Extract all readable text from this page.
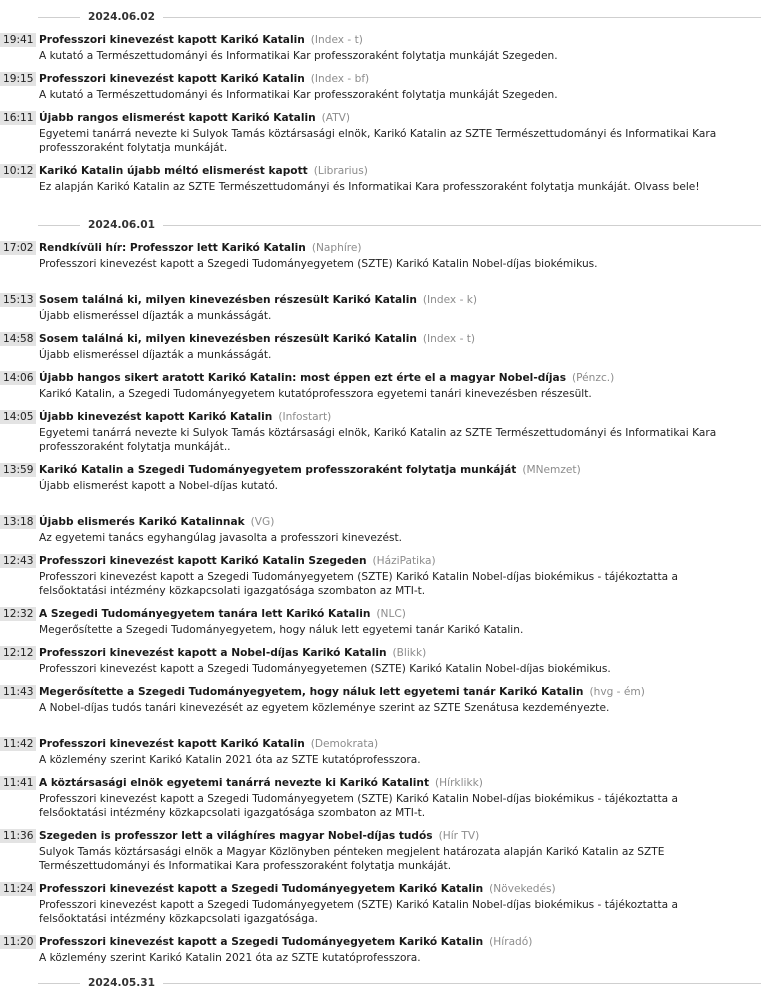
2024.06.02
19:41 Professzori kinevezést kapott Karikó Katalin (Index - t)
A kutató a Természettudományi és Informatikai Kar professzoraként folytatja munkáját Szegeden.
19:15 Professzori kinevezést kapott Karikó Katalin (Index - bf)
A kutató a Természettudományi és Informatikai Kar professzoraként folytatja munkáját Szegeden.
16:11 Újabb rangos elismerést kapott Karikó Katalin (ATV)
Egyetemi tanárrá nevezte ki Sulyok Tamás köztársasági elnök, Karikó Katalin az SZTE Természettudományi és Informatikai Kara professzoraként folytatja munkáját.
10:12 Karikó Katalin újabb méltó elismerést kapott (Librarius)
Ez alapján Karikó Katalin az SZTE Természettudományi és Informatikai Kara professzoraként folytatja munkáját. Olvass bele!
2024.06.01
17:02 Rendkívüli hír: Professzor lett Karikó Katalin (Naphíre)
Professzori kinevezést kapott a Szegedi Tudományegyetem (SZTE) Karikó Katalin Nobel-díjas biokémikus.
15:13 Sosem találná ki, milyen kinevezésben részesült Karikó Katalin (Index - k)
Újabb elismeréssel díjazták a munkásságát.
14:58 Sosem találná ki, milyen kinevezésben részesült Karikó Katalin (Index - t)
Újabb elismeréssel díjazták a munkásságát.
14:06 Újabb hangos sikert aratott Karikó Katalin: most éppen ezt érte el a magyar Nobel-díjas (Pénzc.)
Karikó Katalin, a Szegedi Tudományegyetem kutatóprofesszora egyetemi tanári kinevezésben részesült.
14:05 Újabb kinevezést kapott Karikó Katalin (Infostart)
Egyetemi tanárrá nevezte ki Sulyok Tamás köztársasági elnök, Karikó Katalin az SZTE Természettudományi és Informatikai Kara professzoraként folytatja munkáját..
13:59 Karikó Katalin a Szegedi Tudományegyetem professzoraként folytatja munkáját (MNemzet)
Újabb elismerést kapott a Nobel-díjas kutató.
13:18 Újabb elismerés Karikó Katalinnak (VG)
Az egyetemi tanács egyhangúlag javasolta a professzori kinevezést.
12:43 Professzori kinevezést kapott Karikó Katalin Szegeden (HáziPatika)
Professzori kinevezést kapott a Szegedi Tudományegyetem (SZTE) Karikó Katalin Nobel-díjas biokémikus - tájékoztatta a felsőoktatási intézmény közkapcsolati igazgatósága szombaton az MTI-t.
12:32 A Szegedi Tudományegyetem tanára lett Karikó Katalin (NLC)
Megerősítette a Szegedi Tudományegyetem, hogy náluk lett egyetemi tanár Karikó Katalin.
12:12 Professzori kinevezést kapott a Nobel-díjas Karikó Katalin (Blikk)
Professzori kinevezést kapott a Szegedi Tudományegyetemen (SZTE) Karikó Katalin Nobel-díjas biokémikus.
11:43 Megerősítette a Szegedi Tudományegyetem, hogy náluk lett egyetemi tanár Karikó Katalin (hvg - ém)
A Nobel-díjas tudós tanári kinevezését az egyetem közleménye szerint az SZTE Szenátusa kezdeményezte.
11:42 Professzori kinevezést kapott Karikó Katalin (Demokrata)
A közlemény szerint Karikó Katalin 2021 óta az SZTE kutatóprofesszora.
11:41 A köztársasági elnök egyetemi tanárrá nevezte ki Karikó Katalint (Hírklikk)
Professzori kinevezést kapott a Szegedi Tudományegyetem (SZTE) Karikó Katalin Nobel-díjas biokémikus - tájékoztatta a felsőoktatási intézmény közkapcsolati igazgatósága szombaton az MTI-t.
11:36 Szegeden is professzor lett a világhíres magyar Nobel-díjas tudós (Hír TV)
Sulyok Tamás köztársasági elnök a Magyar Közlönyben pénteken megjelent határozata alapján Karikó Katalin az SZTE Természettudományi és Informatikai Kara professzoraként folytatja munkáját.
11:24 Professzori kinevezést kapott a Szegedi Tudományegyetem Karikó Katalin (Növekedés)
Professzori kinevezést kapott a Szegedi Tudományegyetem (SZTE) Karikó Katalin Nobel-díjas biokémikus - tájékoztatta a felsőoktatási intézmény közkapcsolati igazgatósága.
11:20 Professzori kinevezést kapott a Szegedi Tudományegyetem Karikó Katalin (Híradó)
A közlemény szerint Karikó Katalin 2021 óta az SZTE kutatóprofesszora.
2024.05.31
